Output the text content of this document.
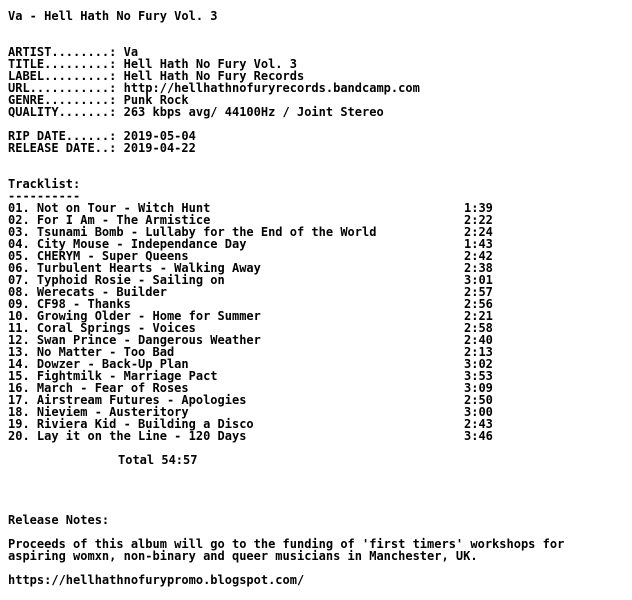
Va - Hell Hath No Fury Vol. 3
ARTIST........: Va
TITLE.........: Hell Hath No Fury Vol. 3
LABEL.........: Hell Hath No Fury Records
URL...........: http://hellhathnofuryrecords.bandcamp.com
GENRE.........: Punk Rock
QUALITY.......: 263 kbps avg/ 44100Hz / Joint Stereo
RIP DATE......: 2019-05-04
RELEASE DATE..: 2019-04-22
Tracklist:
----------
01. Not on Tour - Witch Hunt	1:39
02. For I Am - The Armistice	2:22
03. Tsunami Bomb - Lullaby for the End of the World	2:24
04. City Mouse - Independance Day	1:43
05. CHERYM - Super Queens	2:42
06. Turbulent Hearts - Walking Away	2:38
07. Typhoid Rosie - Sailing on	3:01
08. Werecats - Builder	2:57
09. CF98 - Thanks	2:56
10. Growing Older - Home for Summer	2:21
11. Coral Springs - Voices	2:58
12. Swan Prince - Dangerous Weather	2:40
13. No Matter - Too Bad	2:13
14. Dowzer - Back-Up Plan	3:02
15. Fightmilk - Marriage Pact	3:53
16. March - Fear of Roses	3:09
17. Airstream Futures - Apologies	2:50
18. Nieviem - Austeritory	3:00
19. Riviera Kid - Building a Disco	2:43
20. Lay it on the Line - 120 Days	3:46
Total 54:57
Release Notes:
Proceeds of this album will go to the funding of 'first timers' workshops for
aspiring womxn, non-binary and queer musicians in Manchester, UK.
https://hellhathnofurypromo.blogspot.com/
